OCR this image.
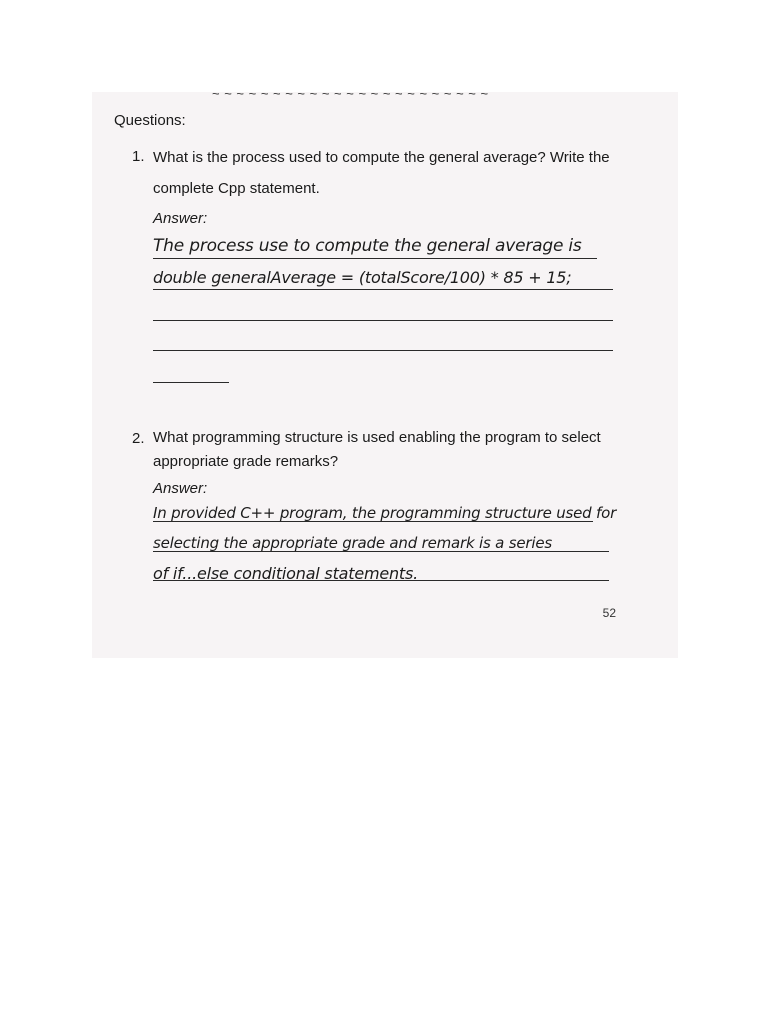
~ ~ ~ ~ ~ ~ ~ ~ ~ ~ ~ ~ ~ ~ ~ ~ ~ ~ ~ ~ ~ ~ ~
Questions:
1. What is the process used to compute the general average? Write the complete Cpp statement.
Answer:
The process use to compute the general average is
double generalAverage = (totalScore/100) * 85 + 15;
2. What programming structure is used enabling the program to select appropriate grade remarks?
Answer:
In provided C++ program, the programming structure used for
selecting the appropriate grade and remark is a series
of if...else conditional statements.
52
